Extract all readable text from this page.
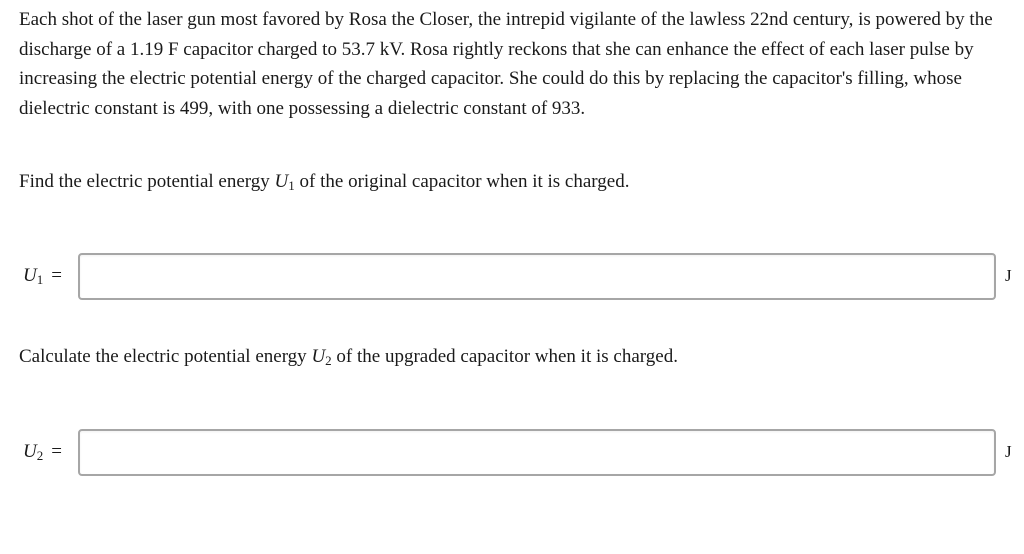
Each shot of the laser gun most favored by Rosa the Closer, the intrepid vigilante of the lawless 22nd century, is powered by the discharge of a 1.19 F capacitor charged to 53.7 kV. Rosa rightly reckons that she can enhance the effect of each laser pulse by increasing the electric potential energy of the charged capacitor. She could do this by replacing the capacitor's filling, whose dielectric constant is 499, with one possessing a dielectric constant of 933.

Find the electric potential energy $U_1$ of the original capacitor when it is charged.

$U_1$ =	J

Calculate the electric potential energy $U_2$ of the upgraded capacitor when it is charged.

$U_2$ =	J
